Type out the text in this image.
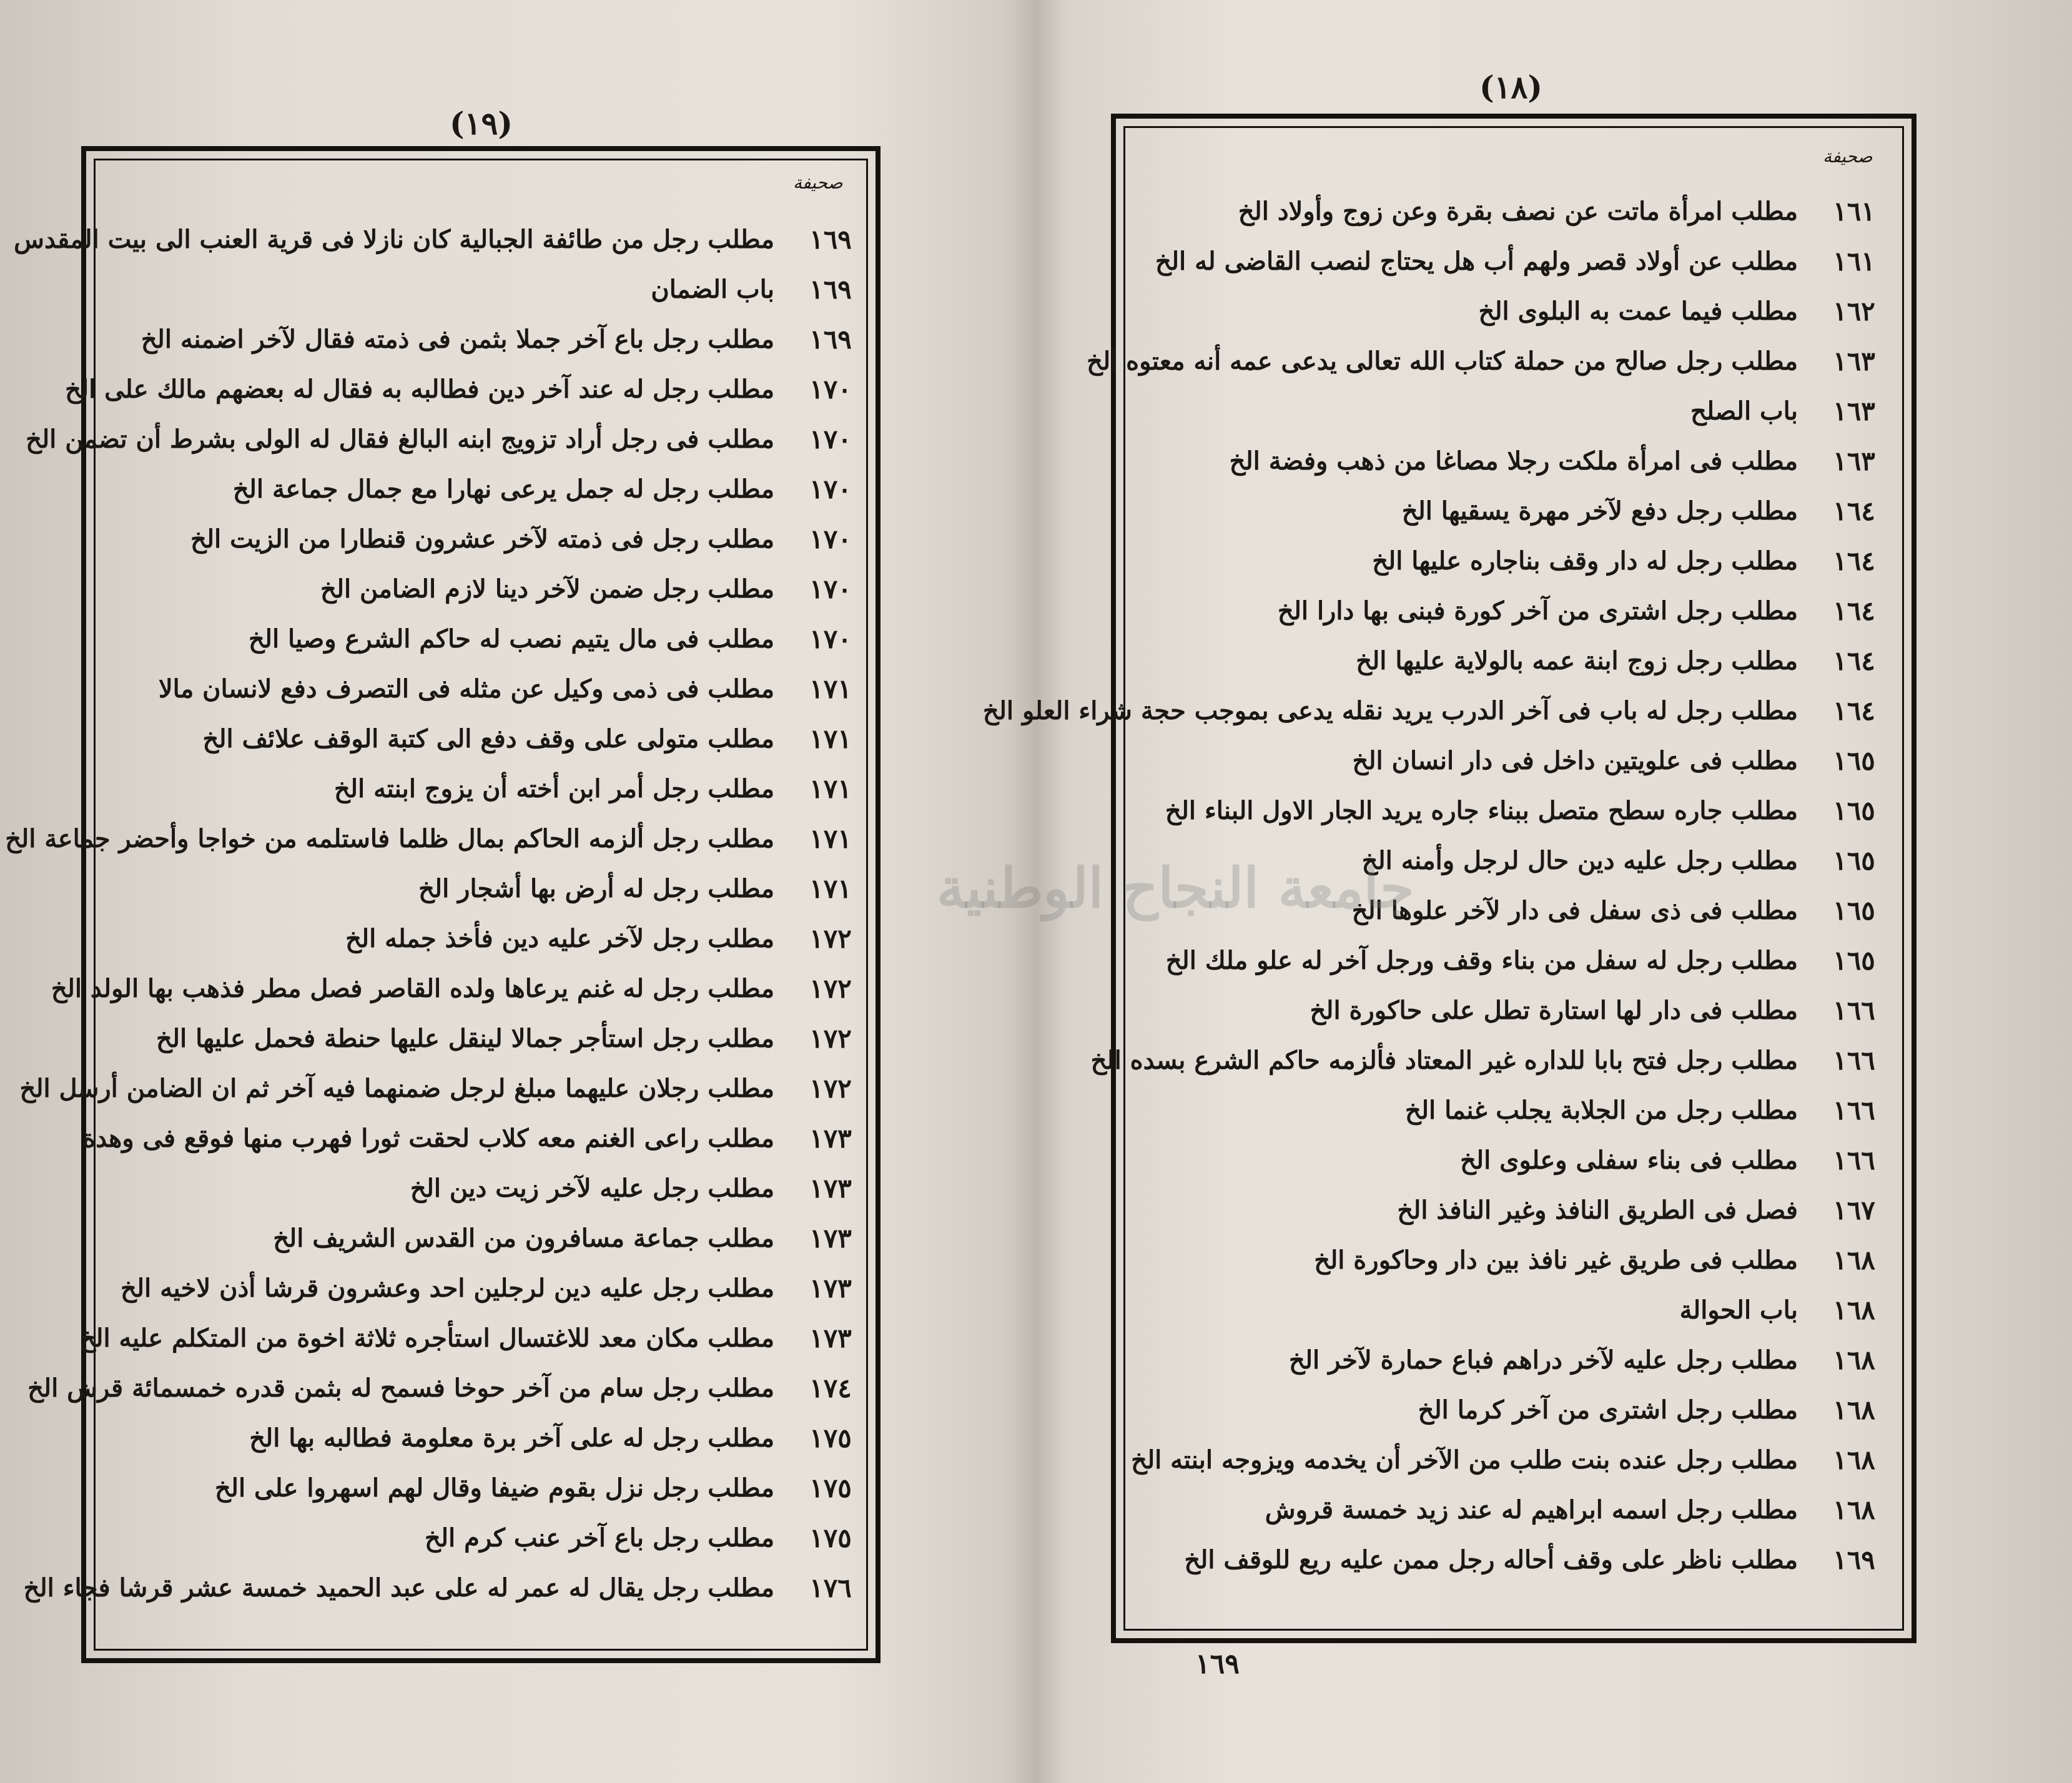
(١٩)
صحيفة
١٦٩
مطلب رجل من طائفة الجبالية كان نازلا فى قرية العنب الى بيت المقدس
١٦٩
باب الضمان
١٦٩
مطلب رجل باع آخر جملا بثمن فى ذمته فقال لآخر اضمنه الخ
١٧٠
مطلب رجل له عند آخر دين فطالبه به فقال له بعضهم مالك على الخ
١٧٠
مطلب فى رجل أراد تزويج ابنه البالغ فقال له الولى بشرط أن تضمن الخ
١٧٠
مطلب رجل له جمل يرعى نهارا مع جمال جماعة الخ
١٧٠
مطلب رجل فى ذمته لآخر عشرون قنطارا من الزيت الخ
١٧٠
مطلب رجل ضمن لآخر دينا لازم الضامن الخ
١٧٠
مطلب فى مال يتيم نصب له حاكم الشرع وصيا الخ
١٧١
مطلب فى ذمى وكيل عن مثله فى التصرف دفع لانسان مالا
١٧١
مطلب متولى على وقف دفع الى كتبة الوقف علائف الخ
١٧١
مطلب رجل أمر ابن أخته أن يزوج ابنته الخ
١٧١
مطلب رجل ألزمه الحاكم بمال ظلما فاستلمه من خواجا وأحضر جماعة الخ
١٧١
مطلب رجل له أرض بها أشجار الخ
١٧٢
مطلب رجل لآخر عليه دين فأخذ جمله الخ
١٧٢
مطلب رجل له غنم يرعاها ولده القاصر فصل مطر فذهب بها الولد الخ
١٧٢
مطلب رجل استأجر جمالا لينقل عليها حنطة فحمل عليها الخ
١٧٢
مطلب رجلان عليهما مبلغ لرجل ضمنهما فيه آخر ثم ان الضامن أرسل الخ
١٧٣
مطلب راعى الغنم معه كلاب لحقت ثورا فهرب منها فوقع فى وهدة
١٧٣
مطلب رجل عليه لآخر زيت دين الخ
١٧٣
مطلب جماعة مسافرون من القدس الشريف الخ
١٧٣
مطلب رجل عليه دين لرجلين احد وعشرون قرشا أذن لاخيه الخ
١٧٣
مطلب مكان معد للاغتسال استأجره ثلاثة اخوة من المتكلم عليه الخ
١٧٤
مطلب رجل سام من آخر حوخا فسمح له بثمن قدره خمسمائة قرش الخ
١٧٥
مطلب رجل له على آخر برة معلومة فطالبه بها الخ
١٧٥
مطلب رجل نزل بقوم ضيفا وقال لهم اسهروا على الخ
١٧٥
مطلب رجل باع آخر عنب كرم الخ
١٧٦
مطلب رجل يقال له عمر له على عبد الحميد خمسة عشر قرشا فجاء الخ
(١٨)
صحيفة
١٦١
مطلب امرأة ماتت عن نصف بقرة وعن زوج وأولاد الخ
١٦١
مطلب عن أولاد قصر ولهم أب هل يحتاج لنصب القاضى له الخ
١٦٢
مطلب فيما عمت به البلوى الخ
١٦٣
مطلب رجل صالح من حملة كتاب الله تعالى يدعى عمه أنه معتوه الخ
١٦٣
باب الصلح
١٦٣
مطلب فى امرأة ملكت رجلا مصاغا من ذهب وفضة الخ
١٦٤
مطلب رجل دفع لآخر مهرة يسقيها الخ
١٦٤
مطلب رجل له دار وقف بناجاره عليها الخ
١٦٤
مطلب رجل اشترى من آخر كورة فبنى بها دارا الخ
١٦٤
مطلب رجل زوج ابنة عمه بالولاية عليها الخ
١٦٤
مطلب رجل له باب فى آخر الدرب يريد نقله يدعى بموجب حجة شراء العلو الخ
١٦٥
مطلب فى علويتين داخل فى دار انسان الخ
١٦٥
مطلب جاره سطح متصل ببناء جاره يريد الجار الاول البناء الخ
١٦٥
مطلب رجل عليه دين حال لرجل وأمنه الخ
١٦٥
مطلب فى ذى سفل فى دار لآخر علوها الخ
١٦٥
مطلب رجل له سفل من بناء وقف ورجل آخر له علو ملك الخ
١٦٦
مطلب فى دار لها استارة تطل على حاكورة الخ
١٦٦
مطلب رجل فتح بابا للداره غير المعتاد فألزمه حاكم الشرع بسده الخ
١٦٦
مطلب رجل من الجلابة يجلب غنما الخ
١٦٦
مطلب فى بناء سفلى وعلوى الخ
١٦٧
فصل فى الطريق النافذ وغير النافذ الخ
١٦٨
مطلب فى طريق غير نافذ بين دار وحاكورة الخ
١٦٨
باب الحوالة
١٦٨
مطلب رجل عليه لآخر دراهم فباع حمارة لآخر الخ
١٦٨
مطلب رجل اشترى من آخر كرما الخ
١٦٨
مطلب رجل عنده بنت طلب من الآخر أن يخدمه ويزوجه ابنته الخ
١٦٨
مطلب رجل اسمه ابراهيم له عند زيد خمسة قروش
١٦٩
مطلب ناظر على وقف أحاله رجل ممن عليه ريع للوقف الخ
١٦٩
جامعة النجاح الوطنية
